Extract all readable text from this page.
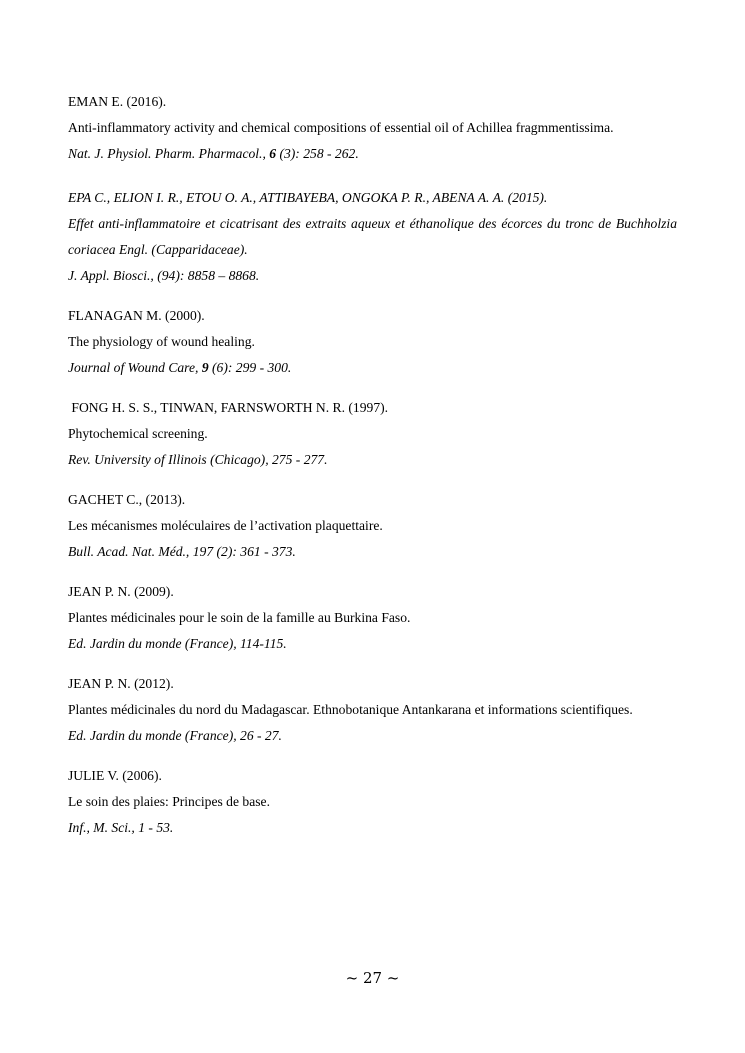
EMAN E. (2016).
Anti-inflammatory activity and chemical compositions of essential oil of Achillea fragmmentissima.
Nat. J. Physiol. Pharm. Pharmacol., 6 (3): 258 - 262.
EPA C., ELION I. R., ETOU O. A., ATTIBAYEBA, ONGOKA P. R., ABENA A. A. (2015).
Effet anti-inflammatoire et cicatrisant des extraits aqueux et éthanolique des écorces du tronc de Buchholzia coriacea Engl. (Capparidaceae).
J. Appl. Biosci., (94): 8858 – 8868.
FLANAGAN M. (2000).
The physiology of wound healing.
Journal of Wound Care, 9 (6): 299 - 300.
FONG H. S. S., TINWAN, FARNSWORTH N. R. (1997).
Phytochemical screening.
Rev. University of Illinois (Chicago), 275 - 277.
GACHET C., (2013).
Les mécanismes moléculaires de l’activation plaquettaire.
Bull. Acad. Nat. Méd., 197 (2): 361 - 373.
JEAN P. N. (2009).
Plantes médicinales pour le soin de la famille au Burkina Faso.
Ed. Jardin du monde (France), 114-115.
JEAN P. N. (2012).
Plantes médicinales du nord du Madagascar. Ethnobotanique Antankarana et informations scientifiques.
Ed. Jardin du monde (France), 26 - 27.
JULIE V. (2006).
Le soin des plaies: Principes de base.
Inf., M. Sci., 1 - 53.
~ 27 ~
